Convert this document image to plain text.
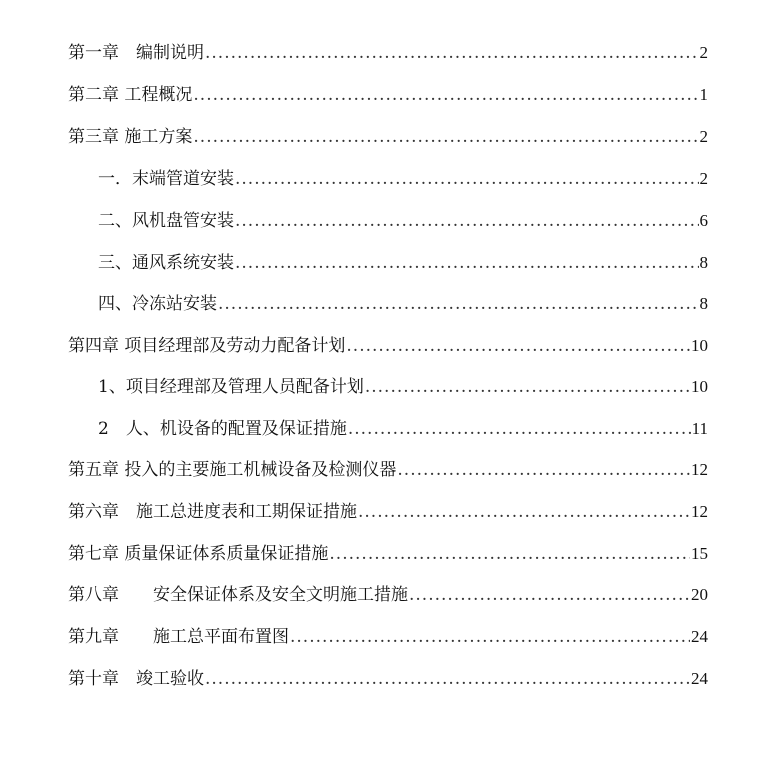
第一章　编制说明 .....	2
第二章 工程概况 .....	1
第三章 施工方案 .....	2
一．末端管道安装 .....	2
二、风机盘管安装 .....	6
三、通风系统安装 .....	8
四、冷冻站安装 .....	8
第四章 项目经理部及劳动力配备计划 .....	10
1、项目经理部及管理人员配备计划 .....	10
2　人、机设备的配置及保证措施 .....	11
第五章 投入的主要施工机械设备及检测仪器 .....	12
第六章　施工总进度表和工期保证措施 .....	12
第七章 质量保证体系质量保证措施 .....	15
第八章　　安全保证体系及安全文明施工措施 .....	20
第九章　　施工总平面布置图 .....	24
第十章　竣工验收 .....	24
